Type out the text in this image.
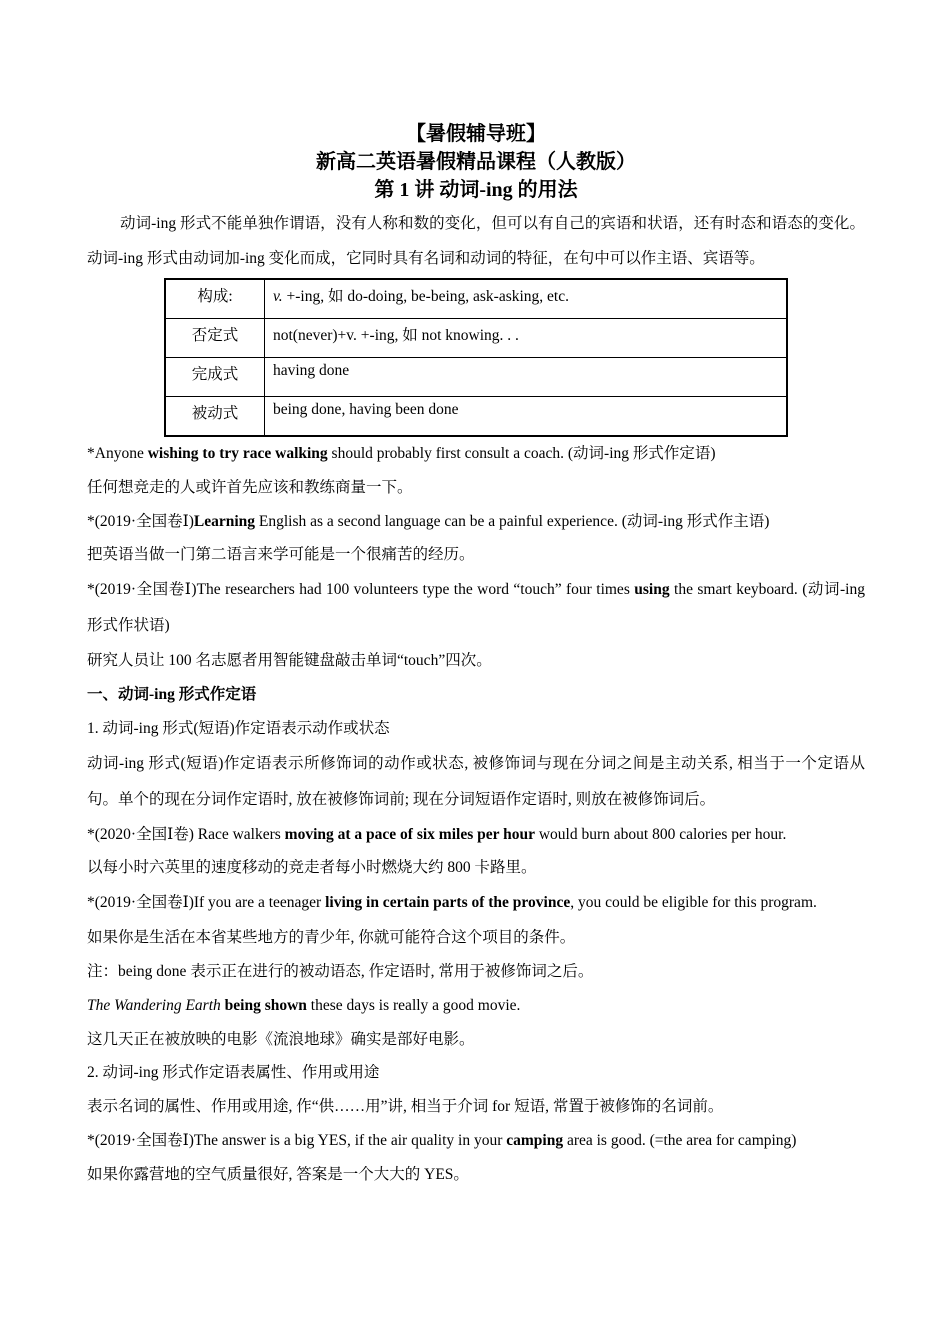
【暑假辅导班】
新高二英语暑假精品课程（人教版）
第 1 讲 动词-ing 的用法

动词-ing 形式不能单独作谓语，没有人称和数的变化，但可以有自己的宾语和状语，还有时态和语态的变化。动词-ing 形式由动词加-ing 变化而成，它同时具有名词和动词的特征，在句中可以作主语、宾语等。

构成:	v. +-ing, 如 do-doing, be-being, ask-asking, etc.
否定式	not(never)+v. +-ing, 如 not knowing. . .
完成式	having done
被动式	being done, having been done

*Anyone wishing to try race walking should probably first consult a coach. (动词-ing 形式作定语)

任何想竞走的人或许首先应该和教练商量一下。

*(2019·全国卷Ⅰ)Learning English as a second language can be a painful experience. (动词-ing 形式作主语)

把英语当做一门第二语言来学可能是一个很痛苦的经历。

*(2019·全国卷Ⅰ)The researchers had 100 volunteers type the word “touch” four times using the smart keyboard. (动词-ing 形式作状语)

研究人员让 100 名志愿者用智能键盘敲击单词“touch”四次。

一、动词-ing 形式作定语

1. 动词-ing 形式(短语)作定语表示动作或状态

动词-ing 形式(短语)作定语表示所修饰词的动作或状态, 被修饰词与现在分词之间是主动关系, 相当于一个定语从句。单个的现在分词作定语时, 放在被修饰词前; 现在分词短语作定语时, 则放在被修饰词后。

*(2020·全国Ⅰ卷) Race walkers moving at a pace of six miles per hour would burn about 800 calories per hour.

以每小时六英里的速度移动的竞走者每小时燃烧大约 800 卡路里。

*(2019·全国卷Ⅰ)If you are a teenager living in certain parts of the province, you could be eligible for this program.

如果你是生活在本省某些地方的青少年, 你就可能符合这个项目的条件。

注：being done 表示正在进行的被动语态, 作定语时, 常用于被修饰词之后。

The Wandering Earth being shown these days is really a good movie.

这几天正在被放映的电影《流浪地球》确实是部好电影。

2. 动词-ing 形式作定语表属性、作用或用途

表示名词的属性、作用或用途, 作“供……用”讲, 相当于介词 for 短语, 常置于被修饰的名词前。

*(2019·全国卷Ⅰ)The answer is a big YES, if the air quality in your camping area is good. (=the area for camping)

如果你露营地的空气质量很好, 答案是一个大大的 YES。
